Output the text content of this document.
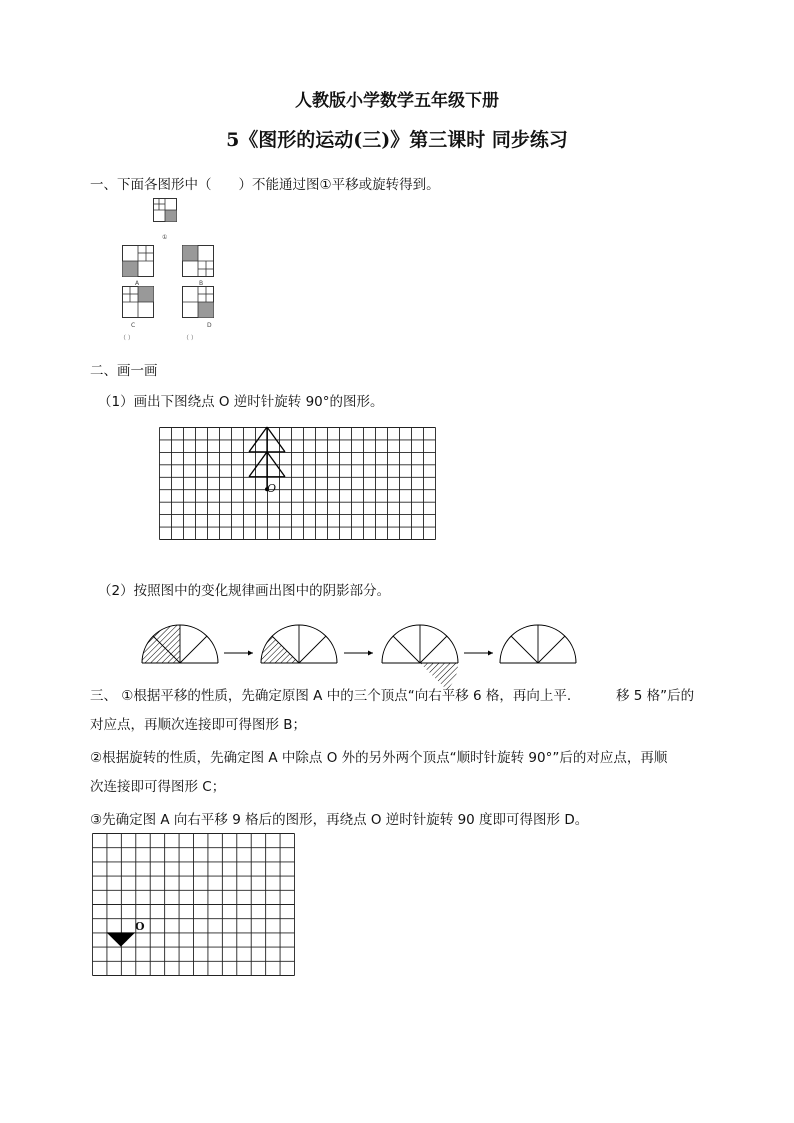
人教版小学数学五年级下册
5《图形的运动(三)》第三课时 同步练习
一、下面各图形中（　　）不能通过图①平移或旋转得到。
①
A	B
C	D
（ ）	（ ）
二、画一画
（1）画出下图绕点 O 逆时针旋转 90°的图形。
O
（2）按照图中的变化规律画出图中的阴影部分。
三、 ①根据平移的性质，先确定原图 A 中的三个顶点“向右平移 6 格，再向上平.	移 5 格”后的
对应点，再顺次连接即可得图形 B；
②根据旋转的性质，先确定图 A 中除点 O 外的另外两个顶点“顺时针旋转 90°”后的对应点，再顺
次连接即可得图形 C；
③先确定图 A 向右平移 9 格后的图形，再绕点 O 逆时针旋转 90 度即可得图形 D。
O
